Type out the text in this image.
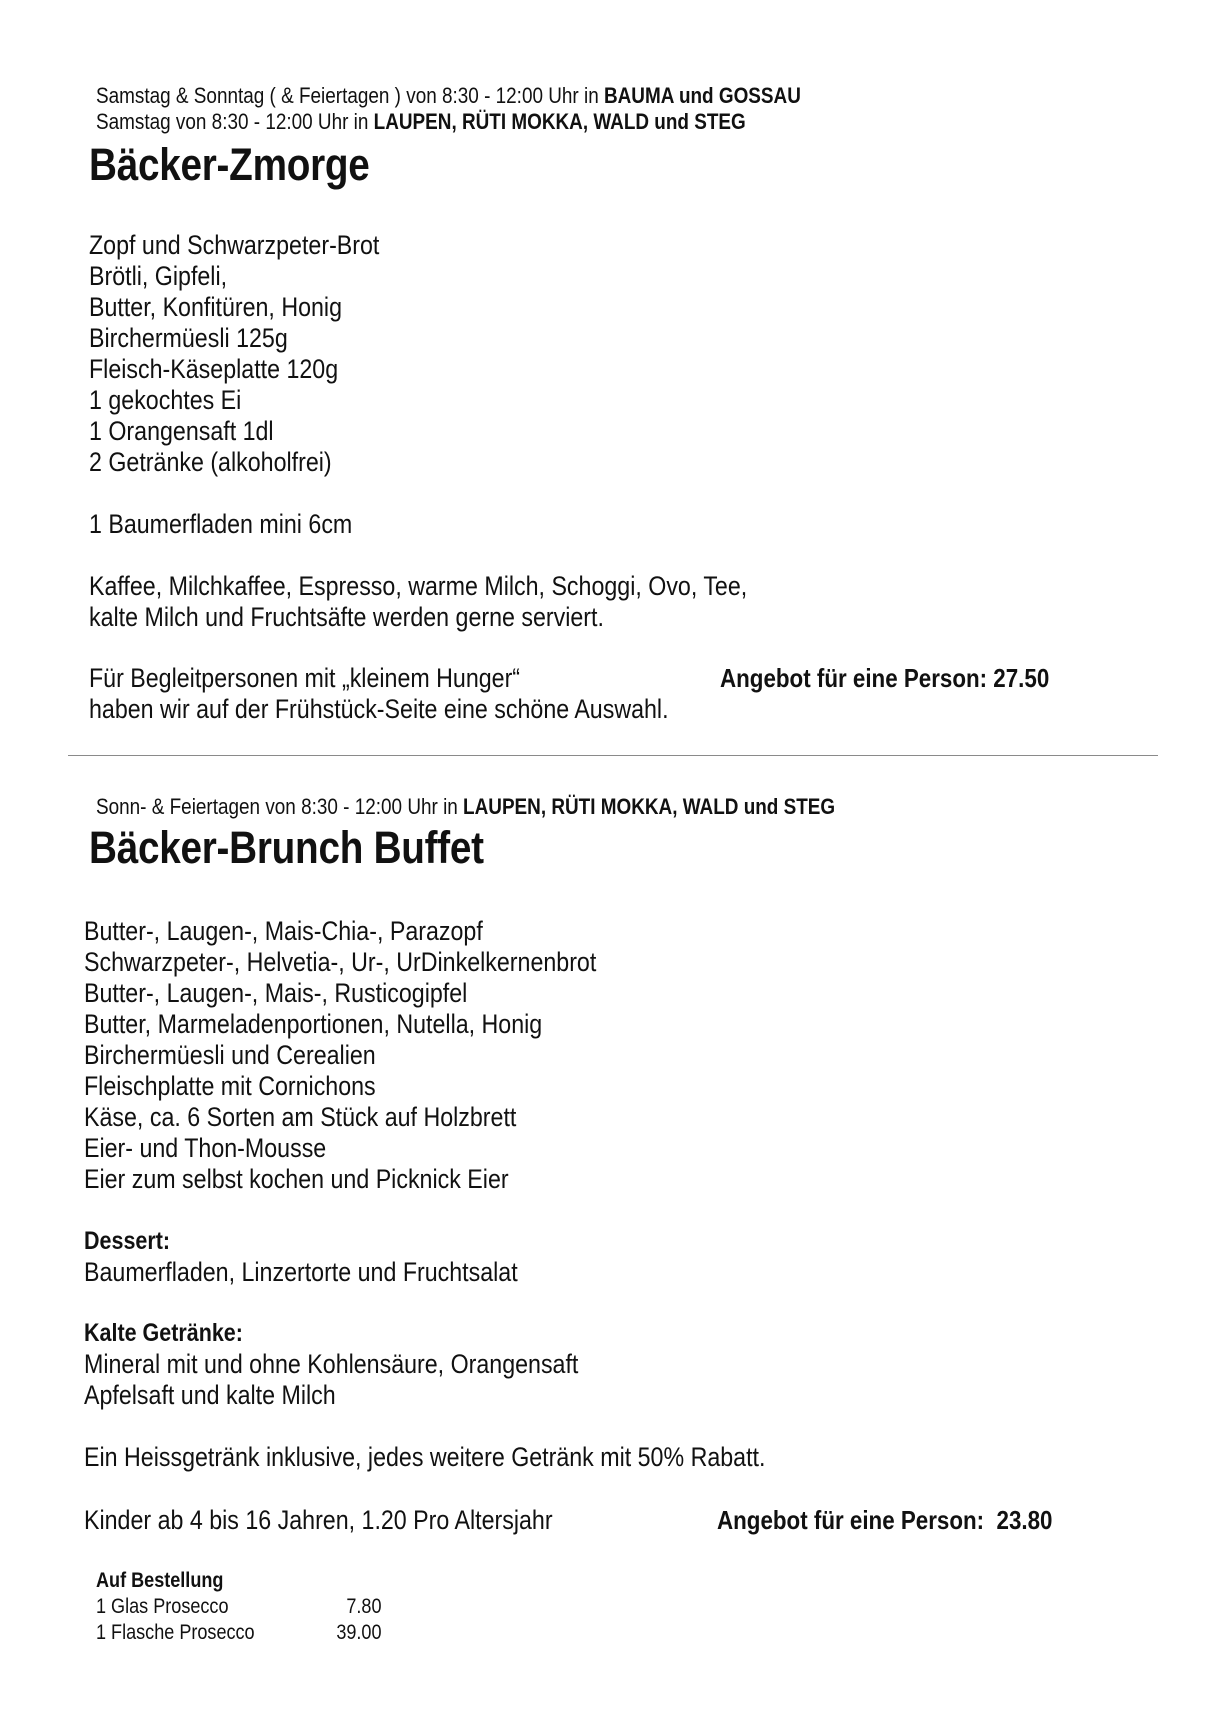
Samstag & Sonntag ( & Feiertagen ) von 8:30 - 12:00 Uhr in BAUMA und GOSSAU
Samstag von 8:30 - 12:00 Uhr in LAUPEN, RÜTI MOKKA, WALD und STEG
Bäcker-Zmorge
Zopf und Schwarzpeter-Brot
Brötli, Gipfeli,
Butter, Konfitüren, Honig
Birchermüesli 125g
Fleisch-Käseplatte 120g
1 gekochtes Ei
1 Orangensaft 1dl
2 Getränke (alkoholfrei)
1 Baumerfladen mini 6cm
Kaffee, Milchkaffee, Espresso, warme Milch, Schoggi, Ovo, Tee,
kalte Milch und Fruchtsäfte werden gerne serviert.
Für Begleitpersonen mit „kleinem Hunger“
haben wir auf der Frühstück-Seite eine schöne Auswahl.
Angebot für eine Person: 27.50
Sonn- & Feiertagen von 8:30 - 12:00 Uhr in LAUPEN, RÜTI MOKKA, WALD und STEG
Bäcker-Brunch Buffet
Butter-, Laugen-, Mais-Chia-, Parazopf
Schwarzpeter-, Helvetia-, Ur-, UrDinkelkernenbrot
Butter-, Laugen-, Mais-, Rusticogipfel
Butter, Marmeladenportionen, Nutella, Honig
Birchermüesli und Cerealien
Fleischplatte mit Cornichons
Käse, ca. 6 Sorten am Stück auf Holzbrett
Eier- und Thon-Mousse
Eier zum selbst kochen und Picknick Eier
Dessert:
Baumerfladen, Linzertorte und Fruchtsalat
Kalte Getränke:
Mineral mit und ohne Kohlensäure, Orangensaft
Apfelsaft und kalte Milch
Ein Heissgetränk inklusive, jedes weitere Getränk mit 50% Rabatt.
Kinder ab 4 bis 16 Jahren, 1.20 Pro Altersjahr	Angebot für eine Person:  23.80
Auf Bestellung
1 Glas Prosecco	7.80
1 Flasche Prosecco	39.00
